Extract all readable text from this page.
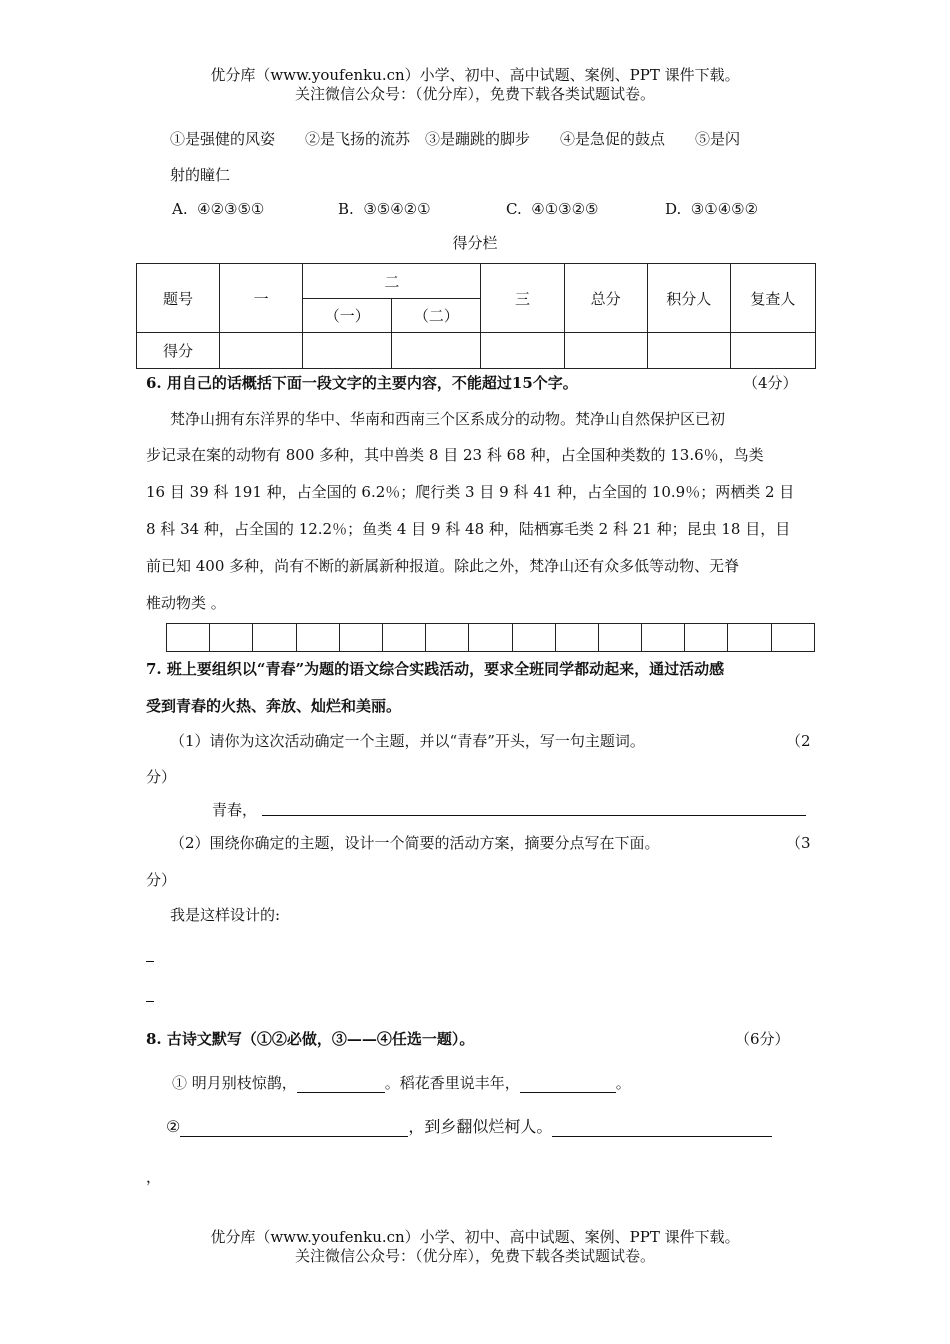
优分库（www.youfenku.cn）小学、初中、高中试题、案例、PPT 课件下载。
关注微信公众号：（优分库），免费下载各类试题试卷。
①是强健的风姿　　②是飞扬的流苏　③是蹦跳的脚步　　④是急促的鼓点　　⑤是闪
射的瞳仁
A.  ④②③⑤①	B.  ③⑤④②①	C.  ④①③②⑤	D.  ③①④⑤②
得分栏
题号	一	二		三	总分	积分人	复查人
		（一）	（二）				
得分							
6. 用自己的话概括下面一段文字的主要内容，不能超过15个字。	（4分）
梵净山拥有东洋界的华中、华南和西南三个区系成分的动物。梵净山自然保护区已初
步记录在案的动物有 800 多种，其中兽类 8 目 23 科 68 种，占全国种类数的 13.6％，鸟类
16 目 39 科 191 种，占全国的 6.2％；爬行类 3 目 9 科 41 种，占全国的 10.9％；两栖类 2 目
8 科 34 种，占全国的 12.2％；鱼类 4 目 9 科 48 种，陆栖寡毛类 2 科 21 种；昆虫 18 目，目
前已知 400 多种，尚有不断的新属新种报道。除此之外，梵净山还有众多低等动物、无脊
椎动物类 。

7. 班上要组织以“青春”为题的语文综合实践活动，要求全班同学都动起来，通过活动感
受到青春的火热、奔放、灿烂和美丽。
（1）请你为这次活动确定一个主题，并以“青春”开头，写一句主题词。	（2
分）
青春，
（2）围绕你确定的主题，设计一个简要的活动方案，摘要分点写在下面。	（3
分）
我是这样设计的:
8. 古诗文默写（①②必做，③——④任选一题）。	（6分）
① 明月别枝惊鹊，	。稻花香里说丰年，	。
②	，到乡翻似烂柯人。
，
优分库（www.youfenku.cn）小学、初中、高中试题、案例、PPT 课件下载。
关注微信公众号：（优分库），免费下载各类试题试卷。
